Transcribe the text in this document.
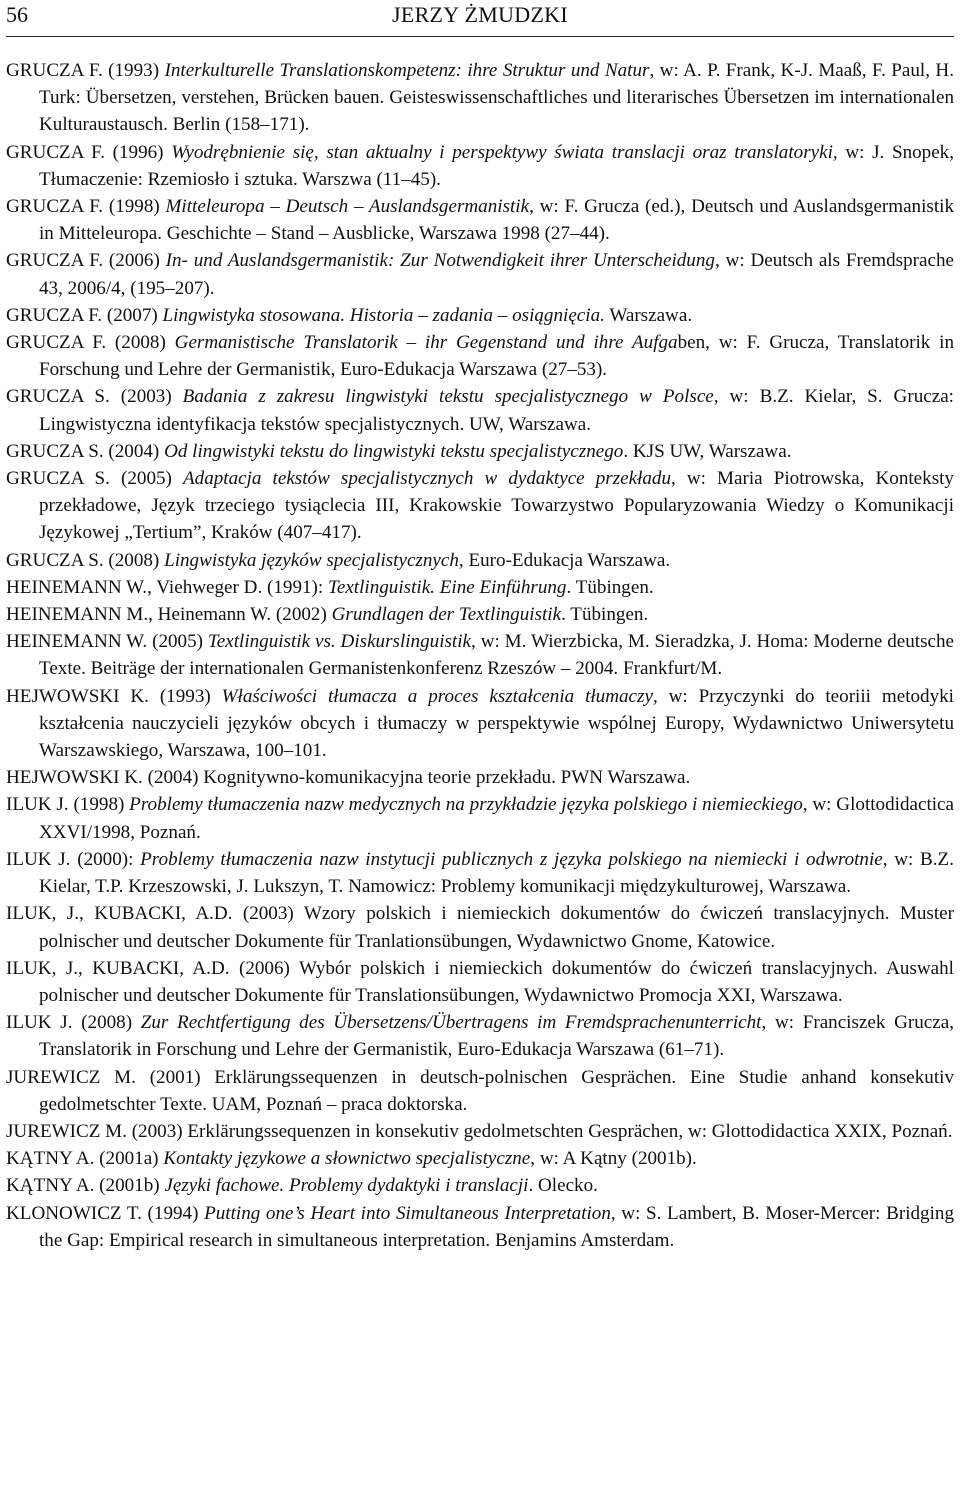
56	JERZY ŻMUDZKI
GRUCZA F. (1993) Interkulturelle Translationskompetenz: ihre Struktur und Natur, w: A. P. Frank, K-J. Maaß, F. Paul, H. Turk: Übersetzen, verstehen, Brücken bauen. Geisteswissenschaftliches und literarisches Übersetzen im internationalen Kulturaustausch. Berlin (158–171).
GRUCZA F. (1996) Wyodrębnienie się, stan aktualny i perspektywy świata translacji oraz translatoryki, w: J. Snopek, Tłumaczenie: Rzemiosło i sztuka. Warszwa (11–45).
GRUCZA F. (1998) Mitteleuropa – Deutsch – Auslandsgermanistik, w: F. Grucza (ed.), Deutsch und Auslandsgermanistik in Mitteleuropa. Geschichte – Stand – Ausblicke, Warszawa 1998 (27–44).
GRUCZA F. (2006) In- und Auslandsgermanistik: Zur Notwendigkeit ihrer Unterscheidung, w: Deutsch als Fremdsprache 43, 2006/4, (195–207).
GRUCZA F. (2007) Lingwistyka stosowana. Historia – zadania – osiągnięcia. Warszawa.
GRUCZA F. (2008) Germanistische Translatorik – ihr Gegenstand und ihre Aufgaben, w: F. Grucza, Translatorik in Forschung und Lehre der Germanistik, Euro-Edukacja Warszawa (27–53).
GRUCZA S. (2003) Badania z zakresu lingwistyki tekstu specjalistycznego w Polsce, w: B.Z. Kielar, S. Grucza: Lingwistyczna identyfikacja tekstów specjalistycznych. UW, Warszawa.
GRUCZA S. (2004) Od lingwistyki tekstu do lingwistyki tekstu specjalistycznego. KJS UW, Warszawa.
GRUCZA S. (2005) Adaptacja tekstów specjalistycznych w dydaktyce przekładu, w: Maria Piotrowska, Konteksty przekładowe, Język trzeciego tysiąclecia III, Krakowskie Towarzystwo Popularyzowania Wiedzy o Komunikacji Językowej „Tertium”, Kraków (407–417).
GRUCZA S. (2008) Lingwistyka języków specjalistycznych, Euro-Edukacja Warszawa.
HEINEMANN W., Viehweger D. (1991): Textlinguistik. Eine Einführung. Tübingen.
HEINEMANN M., Heinemann W. (2002) Grundlagen der Textlinguistik. Tübingen.
HEINEMANN W. (2005) Textlinguistik vs. Diskurslinguistik, w: M. Wierzbicka, M. Sieradzka, J. Homa: Moderne deutsche Texte. Beiträge der internationalen Germanistenkonferenz Rzeszów – 2004. Frankfurt/M.
HEJWOWSKI K. (1993) Właściwości tłumacza a proces kształcenia tłumaczy, w: Przyczynki do teoriii metodyki kształcenia nauczycieli języków obcych i tłumaczy w perspektywie wspólnej Europy, Wydawnictwo Uniwersytetu Warszawskiego, Warszawa, 100–101.
HEJWOWSKI K. (2004) Kognitywno-komunikacyjna teorie przekładu. PWN Warszawa.
ILUK J. (1998) Problemy tłumaczenia nazw medycznych na przykładzie języka polskiego i niemieckiego, w: Glottodidactica XXVI/1998, Poznań.
ILUK J. (2000): Problemy tłumaczenia nazw instytucji publicznych z języka polskiego na niemiecki i odwrotnie, w: B.Z. Kielar, T.P. Krzeszowski, J. Lukszyn, T. Namowicz: Problemy komunikacji międzykulturowej, Warszawa.
ILUK, J., KUBACKI, A.D. (2003) Wzory polskich i niemieckich dokumentów do ćwiczeń translacyjnych. Muster polnischer und deutscher Dokumente für Tranlationsübungen, Wydawnictwo Gnome, Katowice.
ILUK, J., KUBACKI, A.D. (2006) Wybór polskich i niemieckich dokumentów do ćwiczeń translacyjnych. Auswahl polnischer und deutscher Dokumente für Translationsübungen, Wydawnictwo Promocja XXI, Warszawa.
ILUK J. (2008) Zur Rechtfertigung des Übersetzens/Übertragens im Fremdsprachenunterricht, w: Franciszek Grucza, Translatorik in Forschung und Lehre der Germanistik, Euro-Edukacja Warszawa (61–71).
JUREWICZ M. (2001) Erklärungssequenzen in deutsch-polnischen Gesprächen. Eine Studie anhand konsekutiv gedolmetschter Texte. UAM, Poznań – praca doktorska.
JUREWICZ M. (2003) Erklärungssequenzen in konsekutiv gedolmetschten Gesprächen, w: Glottodidactica XXIX, Poznań.
KĄTNY A. (2001a) Kontakty językowe a słownictwo specjalistyczne, w: A Kątny (2001b).
KĄTNY A. (2001b) Języki fachowe. Problemy dydaktyki i translacji. Olecko.
KLONOWICZ T. (1994) Putting one’s Heart into Simultaneous Interpretation, w: S. Lambert, B. Moser-Mercer: Bridging the Gap: Empirical research in simultaneous interpretation. Benjamins Amsterdam.
